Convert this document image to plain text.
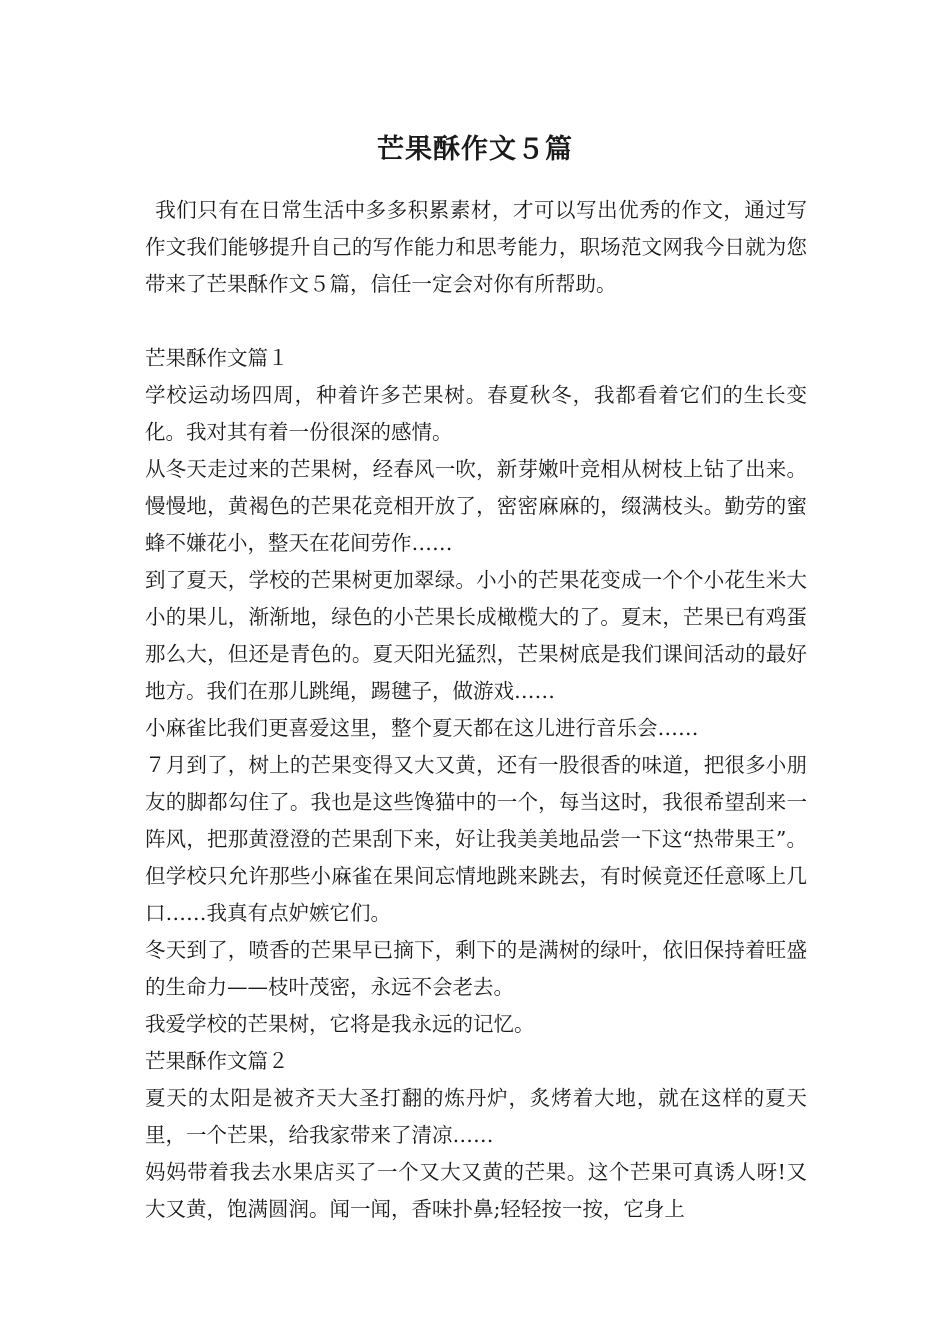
芒果酥作文５篇

我们只有在日常生活中多多积累素材，才可以写出优秀的作文，通过写作文我们能够提升自己的写作能力和思考能力，职场范文网我今日就为您带来了芒果酥作文５篇，信任一定会对你有所帮助。

芒果酥作文篇１

学校运动场四周，种着许多芒果树。春夏秋冬，我都看着它们的生长变化。我对其有着一份很深的感情。

从冬天走过来的芒果树，经春风一吹，新芽嫩叶竞相从树枝上钻了出来。慢慢地，黄褐色的芒果花竞相开放了，密密麻麻的，缀满枝头。勤劳的蜜蜂不嫌花小，整天在花间劳作……

到了夏天，学校的芒果树更加翠绿。小小的芒果花变成一个个小花生米大小的果儿，渐渐地，绿色的小芒果长成橄榄大的了。夏末，芒果已有鸡蛋那么大，但还是青色的。夏天阳光猛烈，芒果树底是我们课间活动的最好地方。我们在那儿跳绳，踢毽子，做游戏……

小麻雀比我们更喜爱这里，整个夏天都在这儿进行音乐会……

７月到了，树上的芒果变得又大又黄，还有一股很香的味道，把很多小朋友的脚都勾住了。我也是这些馋猫中的一个，每当这时，我很希望刮来一阵风，把那黄澄澄的芒果刮下来，好让我美美地品尝一下这“热带果王”。但学校只允许那些小麻雀在果间忘情地跳来跳去，有时候竟还任意啄上几口……我真有点妒嫉它们。

冬天到了，喷香的芒果早已摘下，剩下的是满树的绿叶，依旧保持着旺盛的生命力——枝叶茂密，永远不会老去。

我爱学校的芒果树，它将是我永远的记忆。

芒果酥作文篇２

夏天的太阳是被齐天大圣打翻的炼丹炉，炙烤着大地，就在这样的夏天里，一个芒果，给我家带来了清凉……

妈妈带着我去水果店买了一个又大又黄的芒果。这个芒果可真诱人呀!又大又黄，饱满圆润。闻一闻，香味扑鼻;轻轻按一按，它身上
